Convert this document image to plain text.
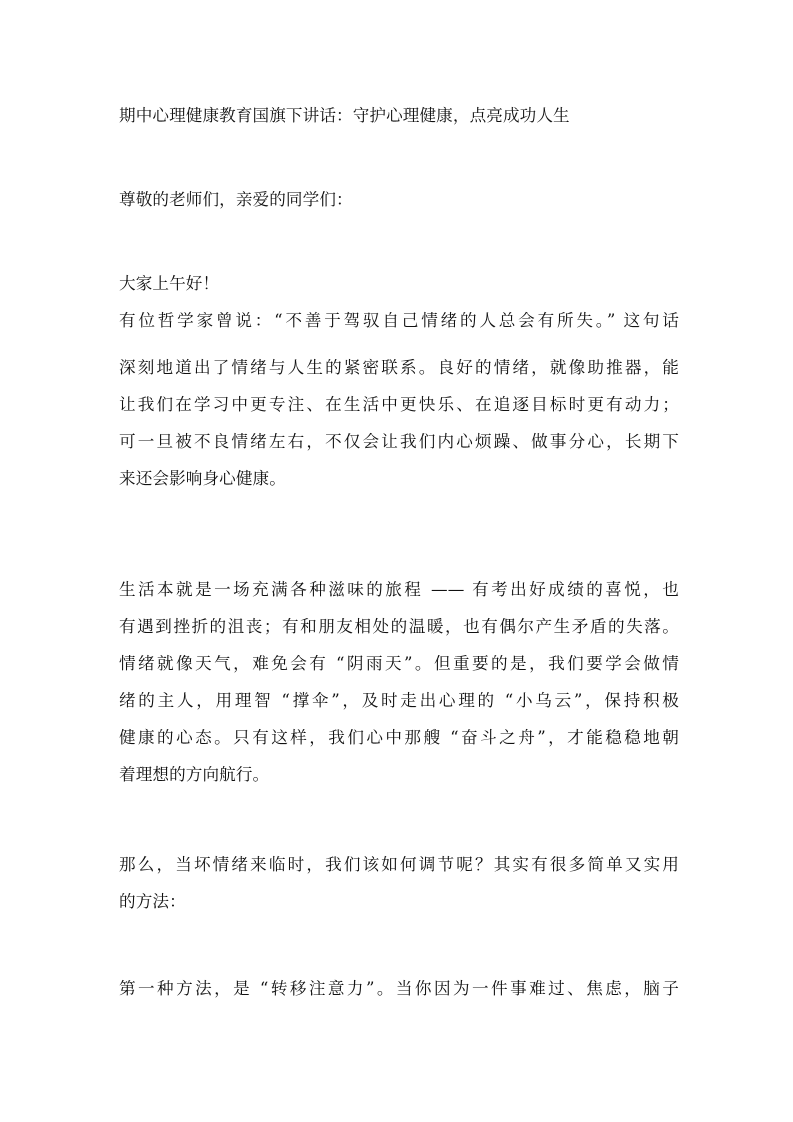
期中心理健康教育国旗下讲话：守护心理健康，点亮成功人生
尊敬的老师们，亲爱的同学们：
大家上午好！
有位哲学家曾说：“不善于驾驭自己情绪的人总会有所失。” 这句话
深刻地道出了情绪与人生的紧密联系。良好的情绪，就像助推器，能
让我们在学习中更专注、在生活中更快乐、在追逐目标时更有动力；
可一旦被不良情绪左右，不仅会让我们内心烦躁、做事分心，长期下
来还会影响身心健康。
生活本就是一场充满各种滋味的旅程 —— 有考出好成绩的喜悦，也
有遇到挫折的沮丧；有和朋友相处的温暖，也有偶尔产生矛盾的失落。
情绪就像天气，难免会有 “阴雨天”。但重要的是，我们要学会做情
绪的主人，用理智 “撑伞”，及时走出心理的 “小乌云”，保持积极
健康的心态。只有这样，我们心中那艘 “奋斗之舟”，才能稳稳地朝
着理想的方向航行。
那么，当坏情绪来临时，我们该如何调节呢？其实有很多简单又实用
的方法：
第一种方法，是 “转移注意力”。当你因为一件事难过、焦虑，脑子
